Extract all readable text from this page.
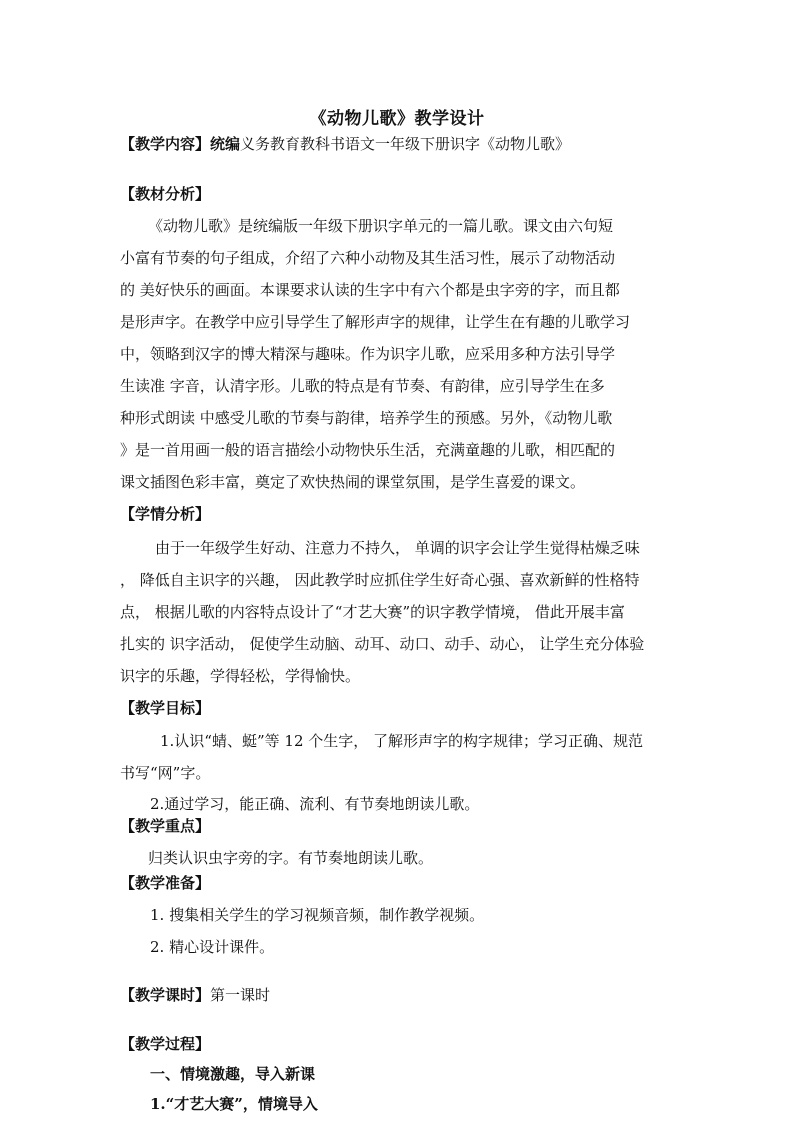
《动物儿歌》教学设计
【教学内容】统编义务教育教科书语文一年级下册识字《动物儿歌》
【教材分析】
《动物儿歌》是统编版一年级下册识字单元的一篇儿歌。课文由六句短
小富有节奏的句子组成，介绍了六种小动物及其生活习性，展示了动物活动
的 美好快乐的画面。本课要求认读的生字中有六个都是虫字旁的字，而且都
是形声字。在教学中应引导学生了解形声字的规律，让学生在有趣的儿歌学习
中，领略到汉字的博大精深与趣味。作为识字儿歌，应采用多种方法引导学
生读准 字音，认清字形。儿歌的特点是有节奏、有韵律，应引导学生在多
种形式朗读 中感受儿歌的节奏与韵律，培养学生的预感。另外，《动物儿歌
》是一首用画一般的语言描绘小动物快乐生活，充满童趣的儿歌，相匹配的
课文插图色彩丰富，奠定了欢快热闹的课堂氛围，是学生喜爱的课文。
【学情分析】
由于一年级学生好动、注意力不持久， 单调的识字会让学生觉得枯燥乏味
， 降低自主识字的兴趣， 因此教学时应抓住学生好奇心强、喜欢新鲜的性格特
点， 根据儿歌的内容特点设计了“才艺大赛”的识字教学情境， 借此开展丰富
扎实的 识字活动， 促使学生动脑、动耳、动口、动手、动心， 让学生充分体验
识字的乐趣，学得轻松，学得愉快。
【教学目标】
1.认识“蜻、蜓”等 12 个生字， 了解形声字的构字规律；学习正确、规范
书写“网”字。
2.通过学习，能正确、流利、有节奏地朗读儿歌。
【教学重点】
归类认识虫字旁的字。有节奏地朗读儿歌。
【教学准备】
1. 搜集相关学生的学习视频音频，制作教学视频。
2. 精心设计课件。
【教学课时】第一课时
【教学过程】
一、情境激趣，导入新课
1.“才艺大赛”，情境导入
